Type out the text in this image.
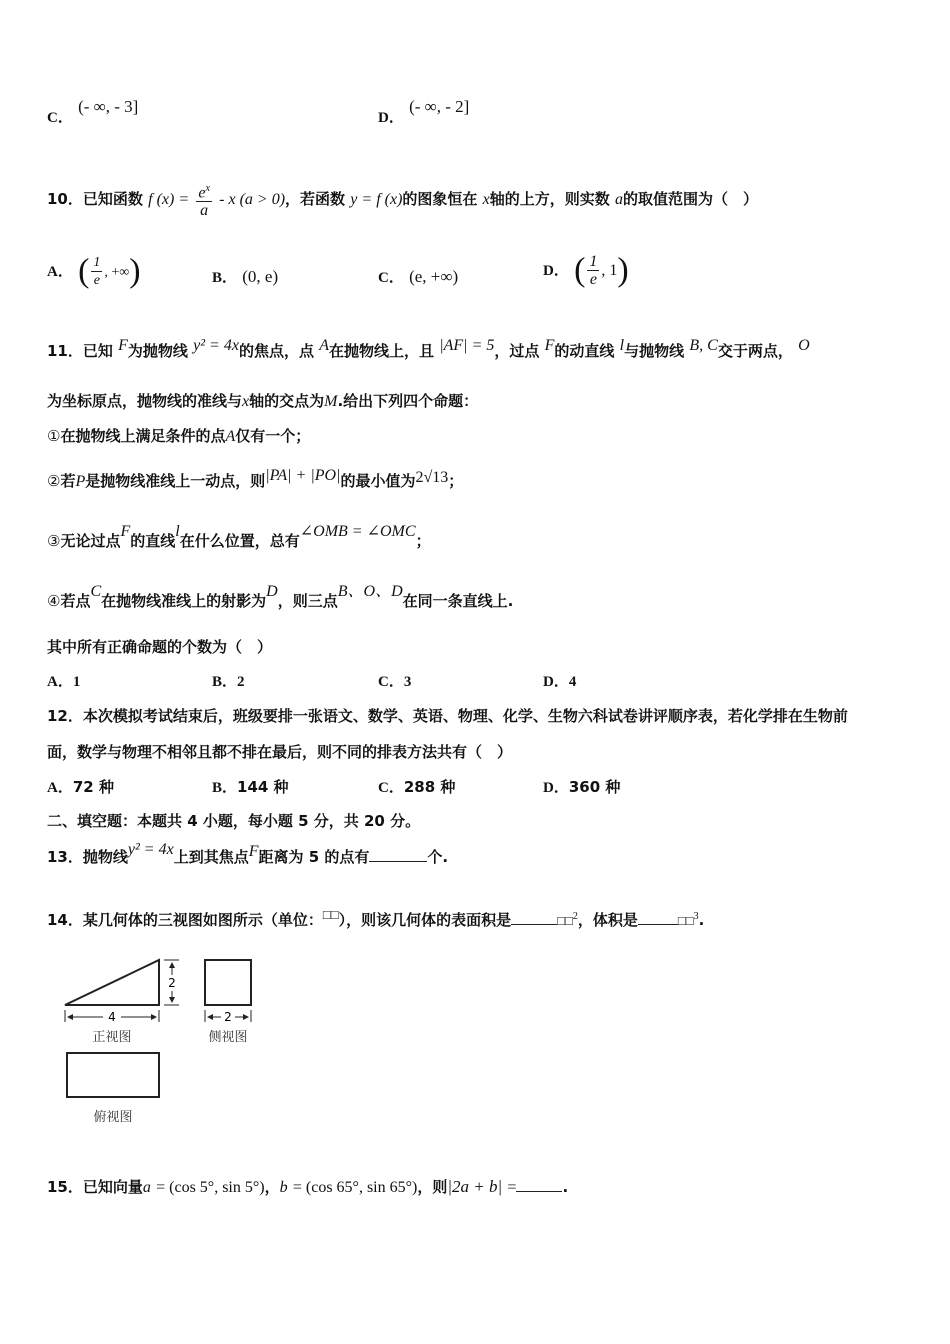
C． (- ∞, - 3]
D． (- ∞, - 2]
10．已知函数 f $(x) = \frac{e^x}{a} - x$ (a > 0)，若函数 y = f (x)的图象恒在 x轴的上方，则实数 a的取值范围为（　）
A． ( $\frac{1}{e}$ , +∞)	B． (0, e)	C． (e, +∞)	D． ( $\frac{1}{e}$ , 1)
11．已知 F为抛物线 y² = 4x的焦点，点 A在抛物线上，且 |AF| = 5，过点 F的动直线 l与抛物线 B, C交于两点， O
为坐标原点，抛物线的准线与x轴的交点为M.给出下列四个命题：
①在抛物线上满足条件的点A仅有一个；
②若P是抛物线准线上一动点，则|PA| + |PO|的最小值为2√13；
③无论过点F的直线l在什么位置，总有∠OMB = ∠OMC；
④若点C在抛物线准线上的射影为D，则三点B、O、D在同一条直线上.
其中所有正确命题的个数为（　）
A．1	B．2	C．3	D．4
12．本次模拟考试结束后，班级要排一张语文、数学、英语、物理、化学、生物六科试卷讲评顺序表，若化学排在生物前
面，数学与物理不相邻且都不排在最后，则不同的排表方法共有（　）
A．72 种	B．144 种	C．288 种	D．360 种
二、填空题：本题共 4 小题，每小题 5 分，共 20 分。
13．抛物线y² = 4x上到其焦点F距离为 5 的点有	个.
14．某几何体的三视图如图所示（单位：□□），则该几何体的表面积是	□□$^2$，体积是	□□$^3$.
2
4
正视图
2
侧视图
俯视图
15．已知向量a = (cos 5°, sin 5°)，b = (cos 65°, sin 65°)，则|2a + b| =	.
